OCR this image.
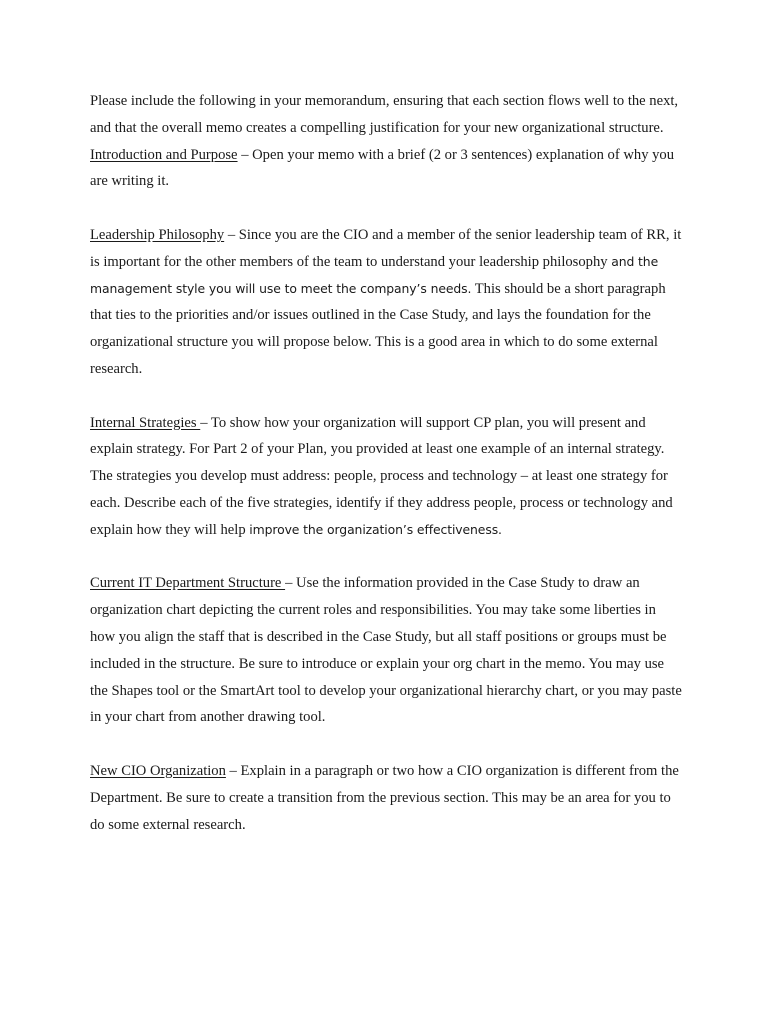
Please include the following in your memorandum, ensuring that each section flows well to the next, and that the overall memo creates a compelling justification for your new organizational structure.

Introduction and Purpose – Open your memo with a brief (2 or 3 sentences) explanation of why you are writing it.

Leadership Philosophy – Since you are the CIO and a member of the senior leadership team of RR, it is important for the other members of the team to understand your leadership philosophy and the management style you will use to meet the company’s needs. This should be a short paragraph that ties to the priorities and/or issues outlined in the Case Study, and lays the foundation for the organizational structure you will propose below. This is a good area in which to do some external research.

Internal Strategies – To show how your organization will support CP plan, you will present and explain strategy. For Part 2 of your Plan, you provided at least one example of an internal strategy. The strategies you develop must address: people, process and technology – at least one strategy for each. Describe each of the five strategies, identify if they address people, process or technology and explain how they will help improve the organization’s effectiveness.

Current IT Department Structure – Use the information provided in the Case Study to draw an organization chart depicting the current roles and responsibilities. You may take some liberties in how you align the staff that is described in the Case Study, but all staff positions or groups must be included in the structure. Be sure to introduce or explain your org chart in the memo. You may use the Shapes tool or the SmartArt tool to develop your organizational hierarchy chart, or you may paste in your chart from another drawing tool.

New CIO Organization – Explain in a paragraph or two how a CIO organization is different from the Department. Be sure to create a transition from the previous section. This may be an area for you to do some external research.
